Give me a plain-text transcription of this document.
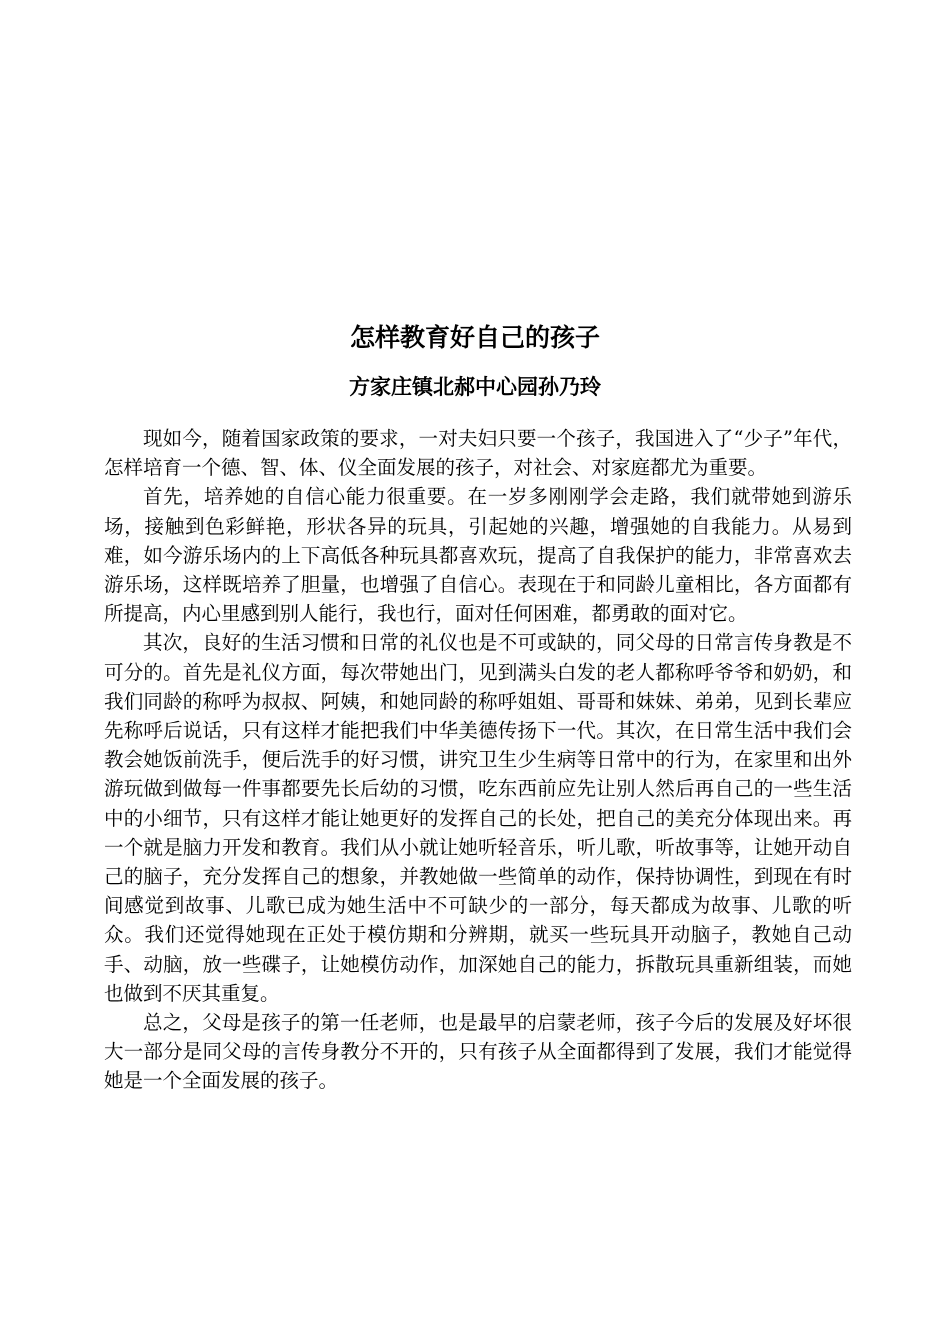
怎样教育好自己的孩子
方家庄镇北郝中心园孙乃玲

现如今，随着国家政策的要求，一对夫妇只要一个孩子，我国进入了“少子”年代，怎样培育一个德、智、体、仪全面发展的孩子，对社会、对家庭都尤为重要。

首先，培养她的自信心能力很重要。在一岁多刚刚学会走路，我们就带她到游乐场，接触到色彩鲜艳，形状各异的玩具，引起她的兴趣，增强她的自我能力。从易到难，如今游乐场内的上下高低各种玩具都喜欢玩，提高了自我保护的能力，非常喜欢去游乐场，这样既培养了胆量，也增强了自信心。表现在于和同龄儿童相比，各方面都有所提高，内心里感到别人能行，我也行，面对任何困难，都勇敢的面对它。

其次，良好的生活习惯和日常的礼仪也是不可或缺的，同父母的日常言传身教是不可分的。首先是礼仪方面，每次带她出门，见到满头白发的老人都称呼爷爷和奶奶，和我们同龄的称呼为叔叔、阿姨，和她同龄的称呼姐姐、哥哥和妹妹、弟弟，见到长辈应先称呼后说话，只有这样才能把我们中华美德传扬下一代。其次，在日常生活中我们会教会她饭前洗手，便后洗手的好习惯，讲究卫生少生病等日常中的行为，在家里和出外游玩做到做每一件事都要先长后幼的习惯，吃东西前应先让别人然后再自己的一些生活中的小细节，只有这样才能让她更好的发挥自己的长处，把自己的美充分体现出来。再一个就是脑力开发和教育。我们从小就让她听轻音乐，听儿歌，听故事等，让她开动自己的脑子，充分发挥自己的想象，并教她做一些简单的动作，保持协调性，到现在有时间感觉到故事、儿歌已成为她生活中不可缺少的一部分，每天都成为故事、儿歌的听众。我们还觉得她现在正处于模仿期和分辨期，就买一些玩具开动脑子，教她自己动手、动脑，放一些碟子，让她模仿动作，加深她自己的能力，拆散玩具重新组装，而她也做到不厌其重复。

总之，父母是孩子的第一任老师，也是最早的启蒙老师，孩子今后的发展及好坏很大一部分是同父母的言传身教分不开的，只有孩子从全面都得到了发展，我们才能觉得她是一个全面发展的孩子。
